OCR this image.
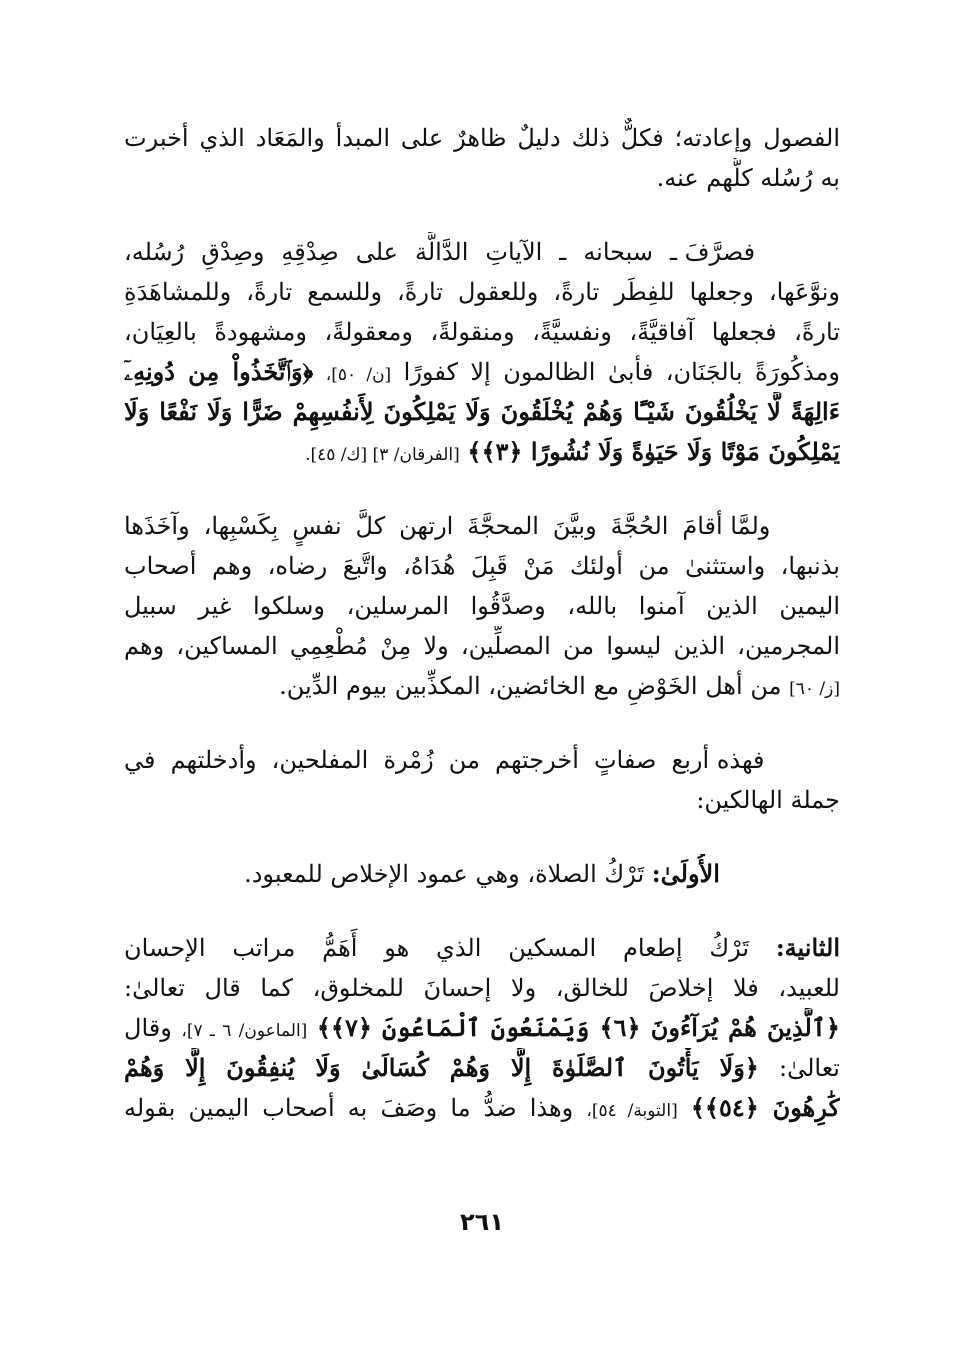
الفصول وإعادته؛ فكلٌّ ذلك دليلٌ ظاهرٌ على المبدأ والمَعَاد الذي أخبرت
به رُسُله كلُّهم عنه.
فصرَّفَ ـ سبحانه ـ الآياتِ الدَّالَّة على صِدْقِهِ وصِدْقِ رُسُله،
ونوَّعَها، وجعلها للفِطَر تارةً، وللعقول تارةً، وللسمع تارةً، وللمشاهَدَةِ
تارةً، فجعلها آفاقيَّةً، ونفسيَّةً، ومنقولةً، ومعقولةً، ومشهودةً بالعِيَان،
ومذكُورَةً بالجَنَان، فأبىٰ الظالمون إلا كفورًا [ن/ ٥٠]، ﴿وَٱتَّخَذُواْ مِن دُونِهِۦٓ
ءَالِهَةً لَّا يَخْلُقُونَ شَيْـًٔا وَهُمْ يُخْلَقُونَ وَلَا يَمْلِكُونَ لِأَنفُسِهِمْ ضَرًّا وَلَا نَفْعًا وَلَا
يَمْلِكُونَ مَوْتًا وَلَا حَيَوٰةً وَلَا نُشُورًا ﴿٣﴾﴾ [الفرقان/ ٣] [ك/ ٤٥].
ولمَّا أقامَ الحُجَّةَ وبيَّنَ المحجَّةَ ارتهن كلَّ نفسٍ بِكَسْبِها، وآخَذَها
بذنبها، واستثنىٰ من أولئك مَنْ قَبِلَ هُدَاهُ، واتَّبعَ رضاه، وهم أصحاب
اليمين الذين آمنوا بالله، وصدَّقُوا المرسلين، وسلكوا غير سبيل
المجرمين، الذين ليسوا من المصلِّين، ولا مِنْ مُطْعِمِي المساكين، وهم
[ز/ ٦٠] من أهل الخَوْضِ مع الخائضين، المكذِّبين بيوم الدِّين.
فهذه أربع صفاتٍ أخرجتهم من زُمْرة المفلحين، وأدخلتهم في
جملة الهالكين:
الأُولَىٰ: تَرْكُ الصلاة، وهي عمود الإخلاص للمعبود.
الثانية: تَرْكُ إطعام المسكين الذي هو أَهَمُّ مراتب الإحسان
للعبيد، فلا إخلاصَ للخالق، ولا إحسانَ للمخلوق، كما قال تعالىٰ:
﴿ٱلَّذِينَ هُمْ يُرَآءُونَ ﴿٦﴾ وَيَمْنَعُونَ ٱلْمَاعُونَ ﴿٧﴾﴾ [الماعون/ ٦ ـ ٧]، وقال
تعالىٰ: ﴿وَلَا يَأْتُونَ ٱلصَّلَوٰةَ إِلَّا وَهُمْ كُسَالَىٰ وَلَا يُنفِقُونَ إِلَّا وَهُمْ
كَٰرِهُونَ ﴿٥٤﴾﴾ [التوبة/ ٥٤]، وهذا ضدُّ ما وصَفَ به أصحاب اليمين بقوله
٢٦١
